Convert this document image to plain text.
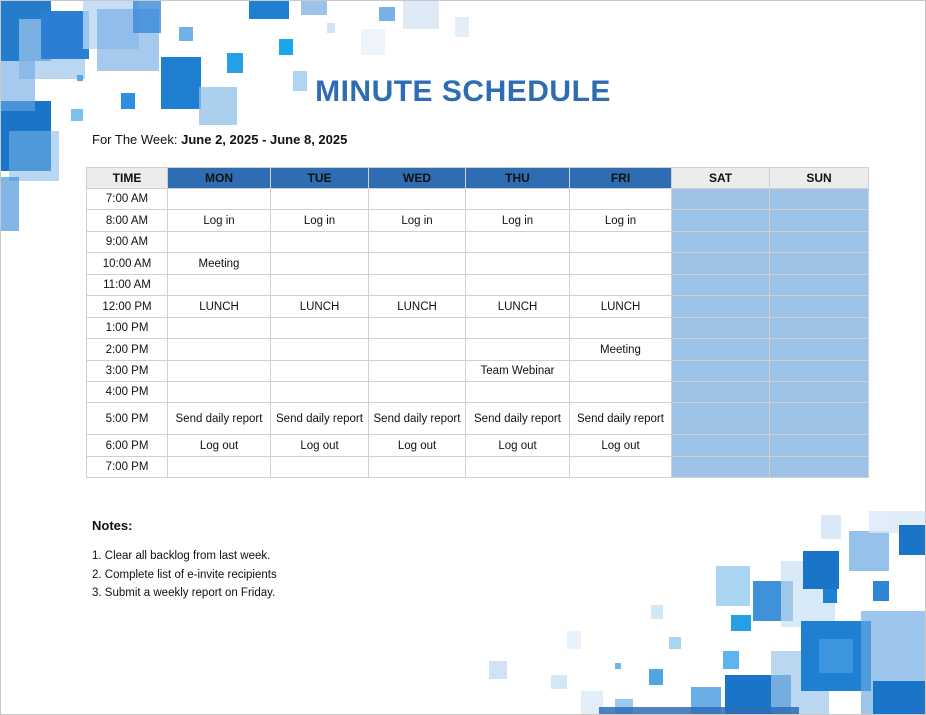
MINUTE SCHEDULE
For The Week: June 2, 2025 - June 8, 2025
TIME	MON	TUE	WED	THU	FRI	SAT	SUN
7:00 AM							
8:00 AM	Log in	Log in	Log in	Log in	Log in		
9:00 AM							
10:00 AM	Meeting						
11:00 AM							
12:00 PM	LUNCH	LUNCH	LUNCH	LUNCH	LUNCH		
1:00 PM							
2:00 PM					Meeting		
3:00 PM				Team Webinar			
4:00 PM							
5:00 PM	Send daily report	Send daily report	Send daily report	Send daily report	Send daily report		
6:00 PM	Log out	Log out	Log out	Log out	Log out		
7:00 PM							
Notes:
1. Clear all backlog from last week.
2. Complete list of e-invite recipients
3. Submit a weekly report on Friday.
